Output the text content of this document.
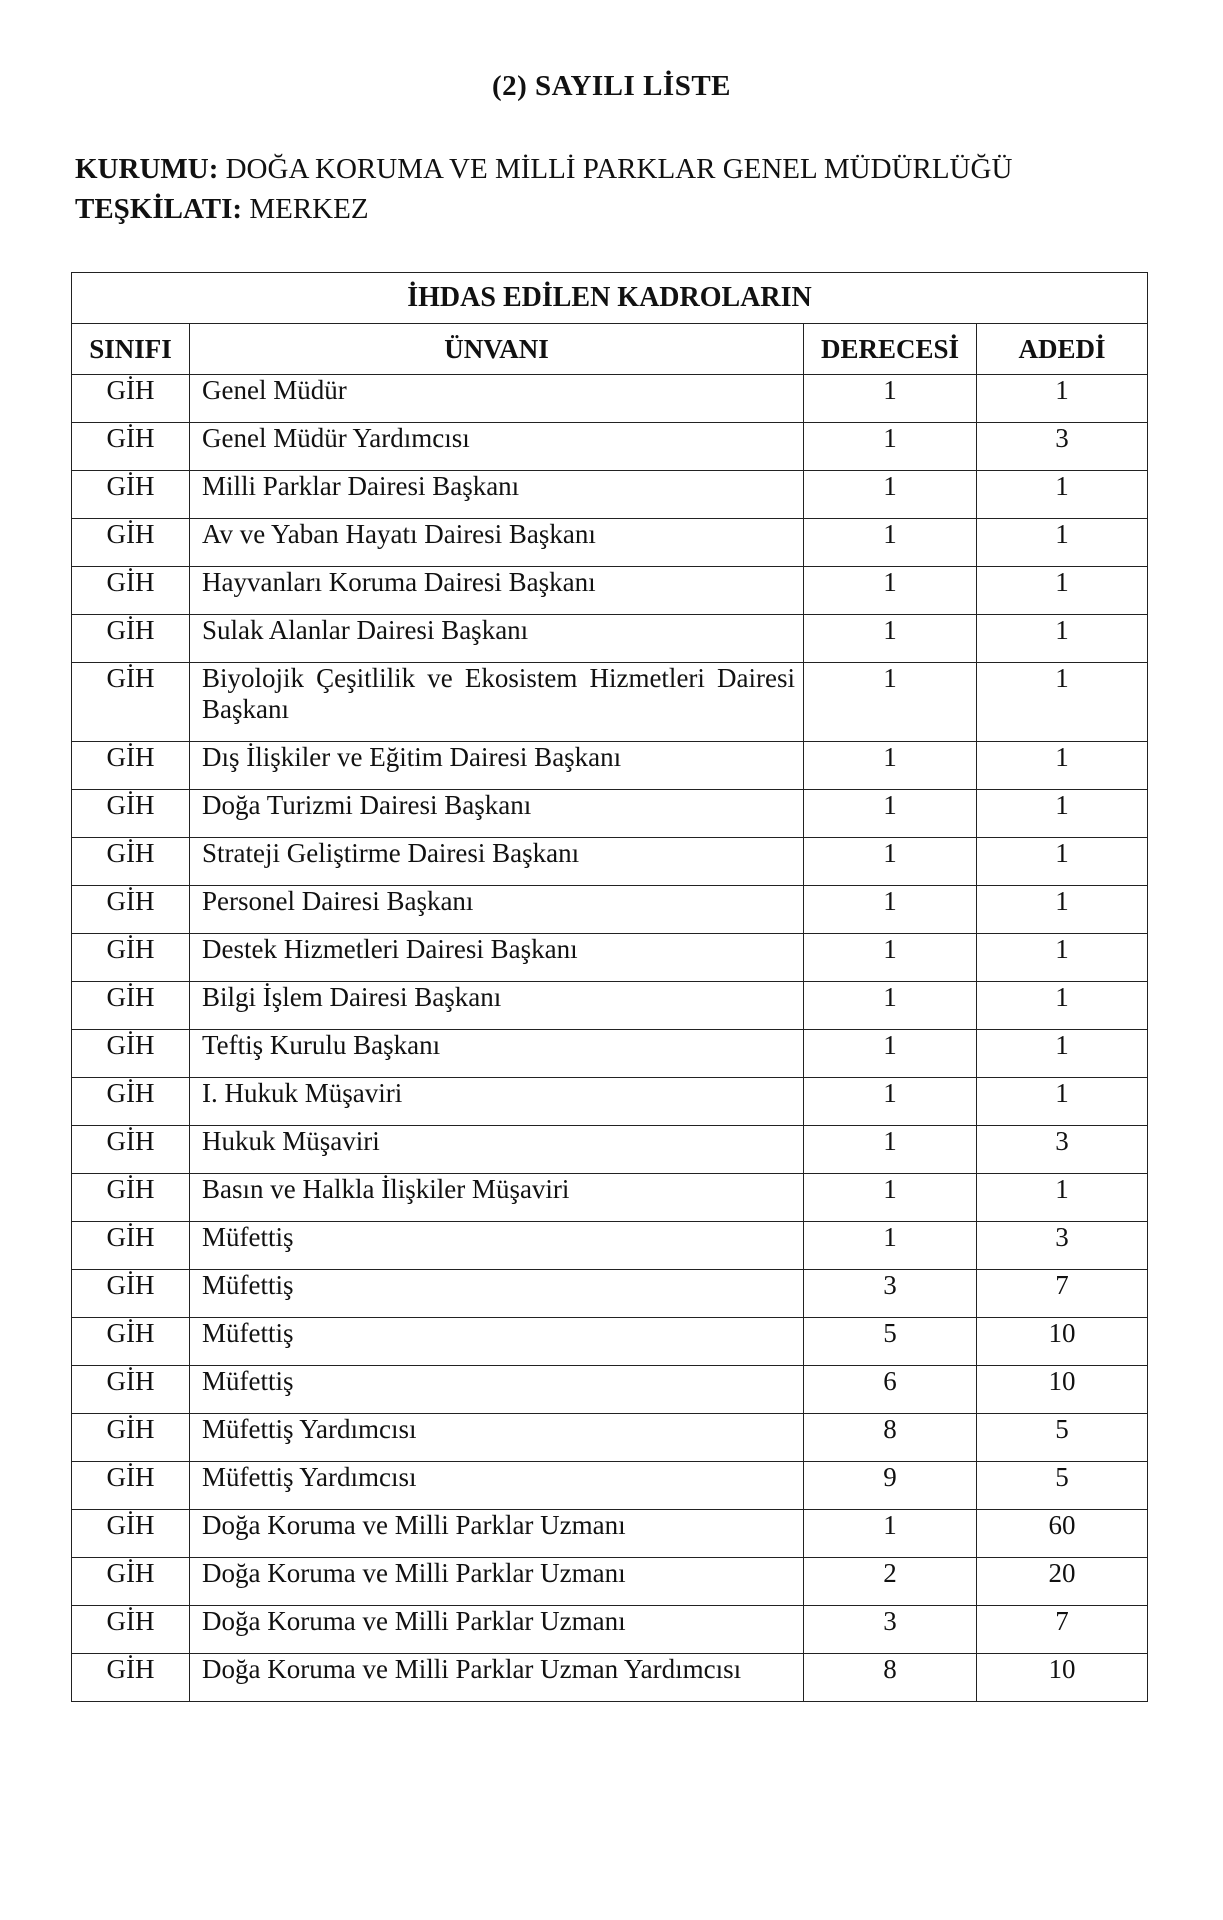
(2) SAYILI LİSTE
KURUMU: DOĞA KORUMA VE MİLLİ PARKLAR GENEL MÜDÜRLÜĞÜ
TEŞKİLATI: MERKEZ
İHDAS EDİLEN KADROLARIN			
SINIFI	ÜNVANI	DERECESİ	ADEDİ
GİH	Genel Müdür	1	1
GİH	Genel Müdür Yardımcısı	1	3
GİH	Milli Parklar Dairesi Başkanı	1	1
GİH	Av ve Yaban Hayatı Dairesi Başkanı	1	1
GİH	Hayvanları Koruma Dairesi Başkanı	1	1
GİH	Sulak Alanlar Dairesi Başkanı	1	1
GİH	Biyolojik Çeşitlilik ve Ekosistem Hizmetleri Dairesi Başkanı	1	1
GİH	Dış İlişkiler ve Eğitim Dairesi Başkanı	1	1
GİH	Doğa Turizmi Dairesi Başkanı	1	1
GİH	Strateji Geliştirme Dairesi Başkanı	1	1
GİH	Personel Dairesi Başkanı	1	1
GİH	Destek Hizmetleri Dairesi Başkanı	1	1
GİH	Bilgi İşlem Dairesi Başkanı	1	1
GİH	Teftiş Kurulu Başkanı	1	1
GİH	I. Hukuk Müşaviri	1	1
GİH	Hukuk Müşaviri	1	3
GİH	Basın ve Halkla İlişkiler Müşaviri	1	1
GİH	Müfettiş	1	3
GİH	Müfettiş	3	7
GİH	Müfettiş	5	10
GİH	Müfettiş	6	10
GİH	Müfettiş Yardımcısı	8	5
GİH	Müfettiş Yardımcısı	9	5
GİH	Doğa Koruma ve Milli Parklar Uzmanı	1	60
GİH	Doğa Koruma ve Milli Parklar Uzmanı	2	20
GİH	Doğa Koruma ve Milli Parklar Uzmanı	3	7
GİH	Doğa Koruma ve Milli Parklar Uzman Yardımcısı	8	10
